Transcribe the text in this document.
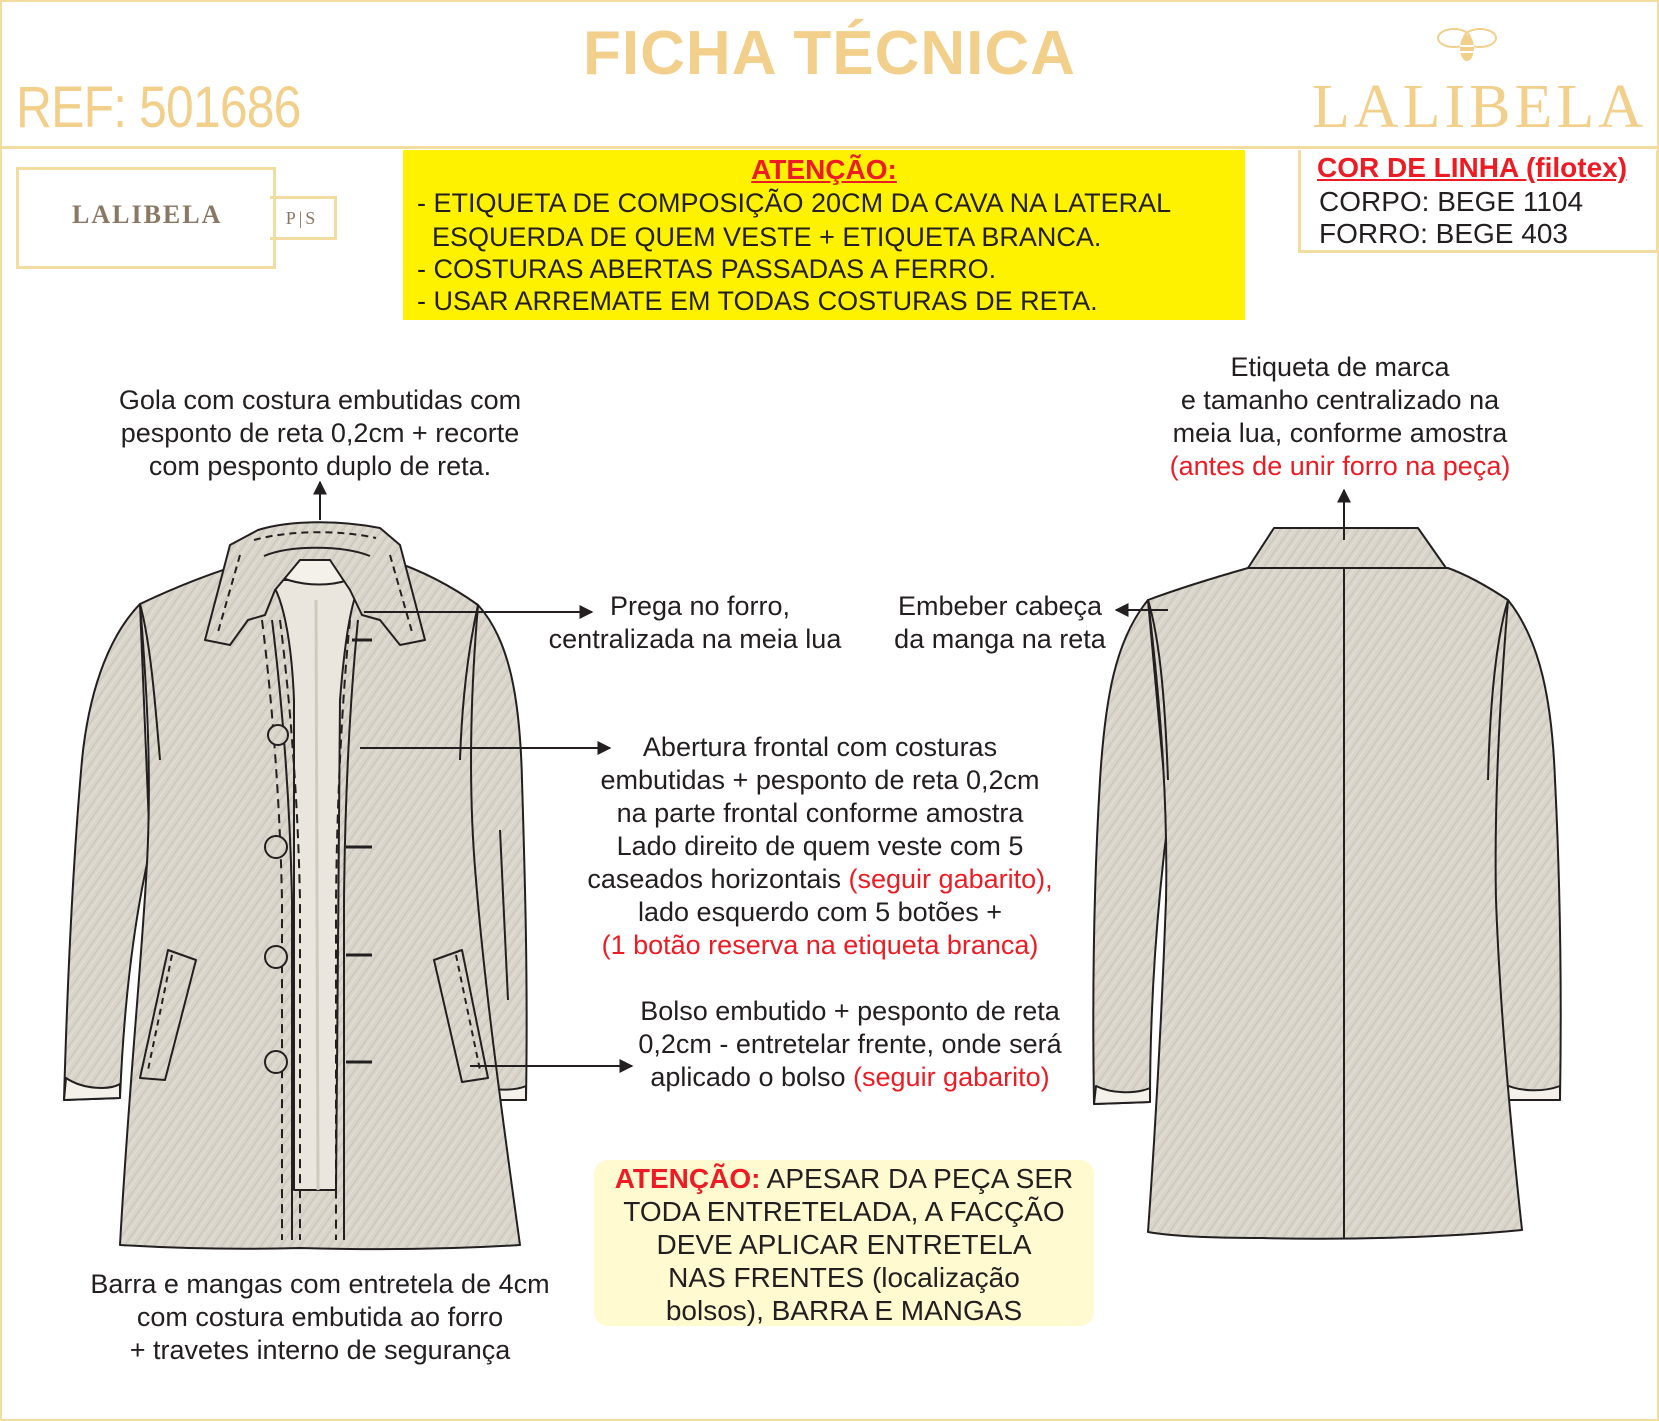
FICHA TÉCNICA
REF: 501686	LALIBELA
LALIBELA	P|S
ATENÇÃO:
- ETIQUETA DE COMPOSIÇÃO 20CM DA CAVA NA LATERAL
ESQUERDA DE QUEM VESTE + ETIQUETA BRANCA.
- COSTURAS ABERTAS PASSADAS A FERRO.
- USAR ARREMATE EM TODAS COSTURAS DE RETA.
COR DE LINHA (filotex)
CORPO: BEGE 1104
FORRO: BEGE 403
Gola com costura embutidas com
pesponto de reta 0,2cm + recorte
com pesponto duplo de reta.
Etiqueta de marca
e tamanho centralizado na
meia lua, conforme amostra
(antes de unir forro na peça)
Prega no forro,
centralizada na meia lua
Embeber cabeça
da manga na reta
Abertura frontal com costuras
embutidas + pesponto de reta 0,2cm
na parte frontal conforme amostra
Lado direito de quem veste com 5
caseados horizontais (seguir gabarito),
lado esquerdo com 5 botões +
(1 botão reserva na etiqueta branca)
Bolso embutido + pesponto de reta
0,2cm - entretelar frente, onde será
aplicado o bolso (seguir gabarito)
Barra e mangas com entretela de 4cm
com costura embutida ao forro
+ travetes interno de segurança
ATENÇÃO: APESAR DA PEÇA SER
TODA ENTRETELADA, A FACÇÃO
DEVE APLICAR ENTRETELA
NAS FRENTES (localização
bolsos), BARRA E MANGAS
